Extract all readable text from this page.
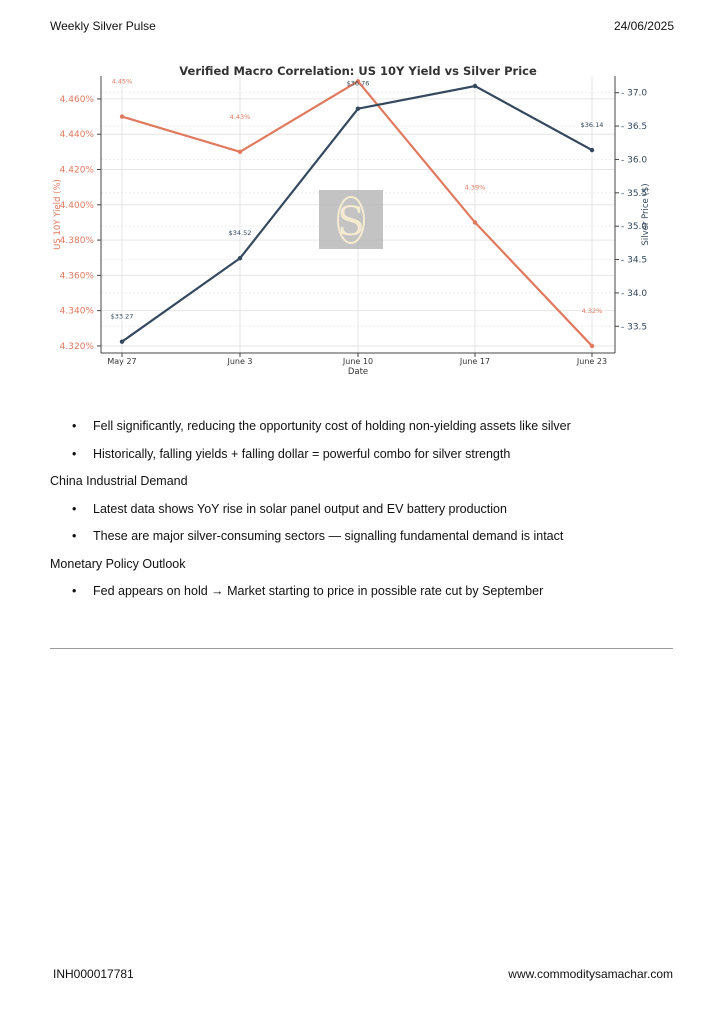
Weekly Silver Pulse	24/06/2025
S
Verified Macro Correlation: US 10Y Yield vs Silver Price
4.320%
4.340%
4.360%
4.380%
4.400%
4.420%
4.440%
4.460%
- 33.5
- 34.0
- 34.5
- 35.0
- 35.5
- 36.0
- 36.5
- 37.0
May 27	June 3	June 10	June 17	June 23
Date
US 10Y Yield (%)	Silver Price ($)
4.45%
4.43%
4.39%
4.32%
$33.27
$34.52
$36.76
$36.14
• Fell significantly, reducing the opportunity cost of holding non-yielding assets like silver
• Historically, falling yields + falling dollar = powerful combo for silver strength
China Industrial Demand
• Latest data shows YoY rise in solar panel output and EV battery production
• These are major silver-consuming sectors — signalling fundamental demand is intact
Monetary Policy Outlook
• Fed appears on hold → Market starting to price in possible rate cut by September
INH000017781	www.commoditysamachar.com
